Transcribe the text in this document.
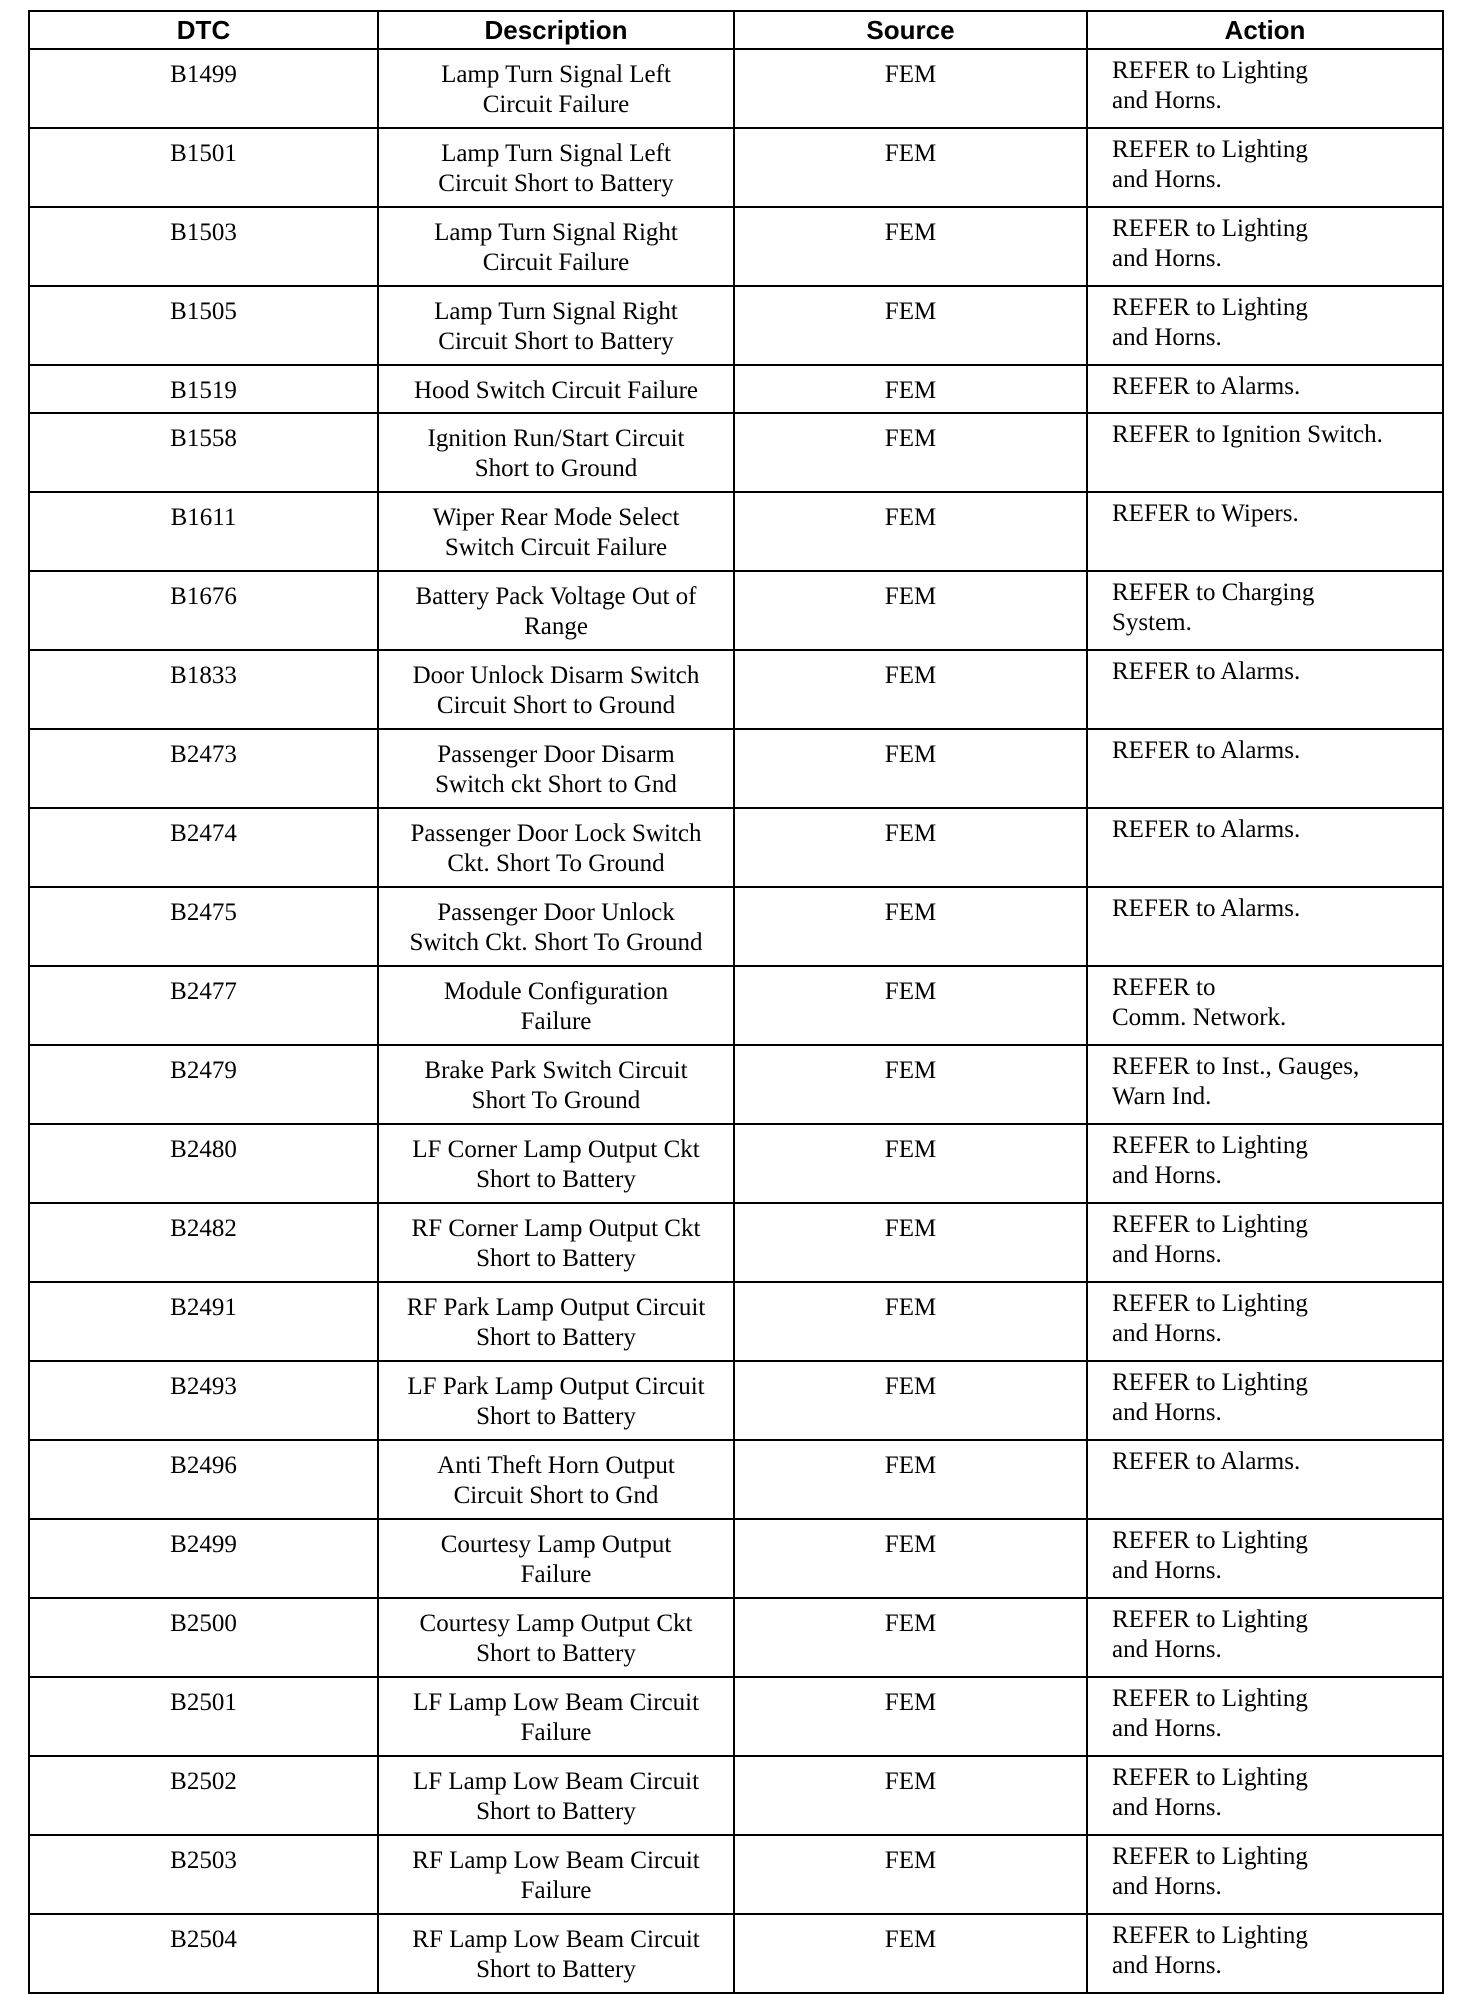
DTC	Description	Source	Action
B1499	Lamp Turn Signal Left
Circuit Failure	FEM	REFER to Lighting
and Horns.

B1501	Lamp Turn Signal Left
Circuit Short to Battery	FEM	REFER to Lighting
and Horns.

B1503	Lamp Turn Signal Right
Circuit Failure	FEM	REFER to Lighting
and Horns.

B1505	Lamp Turn Signal Right
Circuit Short to Battery	FEM	REFER to Lighting
and Horns.

B1519	Hood Switch Circuit Failure	FEM	REFER to Alarms.

B1558	Ignition Run/Start Circuit
Short to Ground	FEM	REFER to Ignition Switch.

B1611	Wiper Rear Mode Select
Switch Circuit Failure	FEM	REFER to Wipers.

B1676	Battery Pack Voltage Out of
Range	FEM	REFER to Charging
System.

B1833	Door Unlock Disarm Switch
Circuit Short to Ground	FEM	REFER to Alarms.

B2473	Passenger Door Disarm
Switch ckt Short to Gnd	FEM	REFER to Alarms.

B2474	Passenger Door Lock Switch
Ckt. Short To Ground	FEM	REFER to Alarms.

B2475	Passenger Door Unlock
Switch Ckt. Short To Ground	FEM	REFER to Alarms.

B2477	Module Configuration
Failure	FEM	REFER to
Comm. Network.

B2479	Brake Park Switch Circuit
Short To Ground	FEM	REFER to Inst., Gauges,
Warn Ind.

B2480	LF Corner Lamp Output Ckt
Short to Battery	FEM	REFER to Lighting
and Horns.

B2482	RF Corner Lamp Output Ckt
Short to Battery	FEM	REFER to Lighting
and Horns.

B2491	RF Park Lamp Output Circuit
Short to Battery	FEM	REFER to Lighting
and Horns.

B2493	LF Park Lamp Output Circuit
Short to Battery	FEM	REFER to Lighting
and Horns.

B2496	Anti Theft Horn Output
Circuit Short to Gnd	FEM	REFER to Alarms.

B2499	Courtesy Lamp Output
Failure	FEM	REFER to Lighting
and Horns.

B2500	Courtesy Lamp Output Ckt
Short to Battery	FEM	REFER to Lighting
and Horns.

B2501	LF Lamp Low Beam Circuit
Failure	FEM	REFER to Lighting
and Horns.

B2502	LF Lamp Low Beam Circuit
Short to Battery	FEM	REFER to Lighting
and Horns.

B2503	RF Lamp Low Beam Circuit
Failure	FEM	REFER to Lighting
and Horns.

B2504	RF Lamp Low Beam Circuit
Short to Battery	FEM	REFER to Lighting
and Horns.
